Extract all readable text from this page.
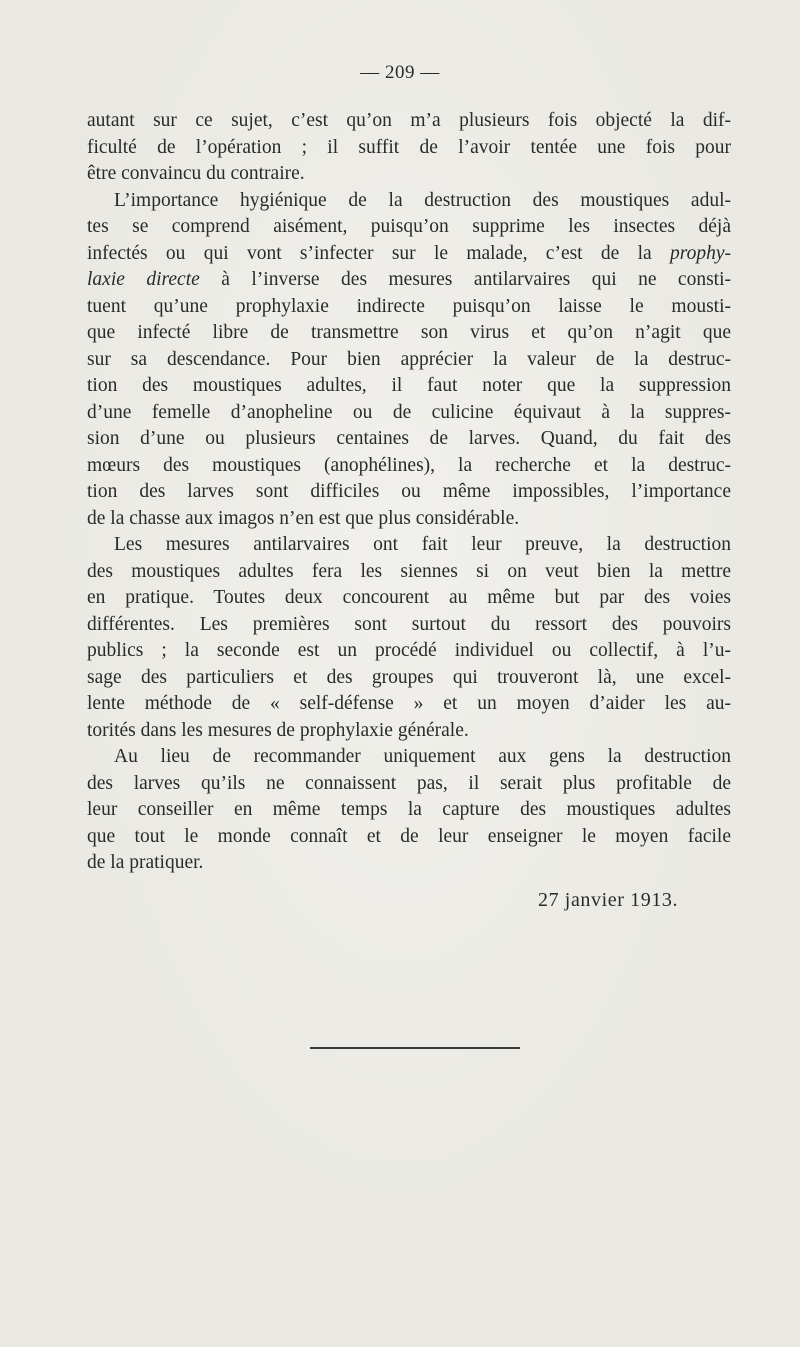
— 209 —
autant sur ce sujet, c’est qu’on m’a plusieurs fois objecté la dif-
ficulté de l’opération ; il suffit de l’avoir tentée une fois pour
être convaincu du contraire.
L’importance hygiénique de la destruction des moustiques adul-
tes se comprend aisément, puisqu’on supprime les insectes déjà
infectés ou qui vont s’infecter sur le malade, c’est de la prophy-
laxie directe à l’inverse des mesures antilarvaires qui ne consti-
tuent qu’une prophylaxie indirecte puisqu’on laisse le mousti-
que infecté libre de transmettre son virus et qu’on n’agit que
sur sa descendance. Pour bien apprécier la valeur de la destruc-
tion des moustiques adultes, il faut noter que la suppression
d’une femelle d’anopheline ou de culicine équivaut à la suppres-
sion d’une ou plusieurs centaines de larves. Quand, du fait des
mœurs des moustiques (anophélines), la recherche et la destruc-
tion des larves sont difficiles ou même impossibles, l’importance
de la chasse aux imagos n’en est que plus considérable.
Les mesures antilarvaires ont fait leur preuve, la destruction
des moustiques adultes fera les siennes si on veut bien la mettre
en pratique. Toutes deux concourent au même but par des voies
différentes. Les premières sont surtout du ressort des pouvoirs
publics ; la seconde est un procédé individuel ou collectif, à l’u-
sage des particuliers et des groupes qui trouveront là, une excel-
lente méthode de « self-défense » et un moyen d’aider les au-
torités dans les mesures de prophylaxie générale.
Au lieu de recommander uniquement aux gens la destruction
des larves qu’ils ne connaissent pas, il serait plus profitable de
leur conseiller en même temps la capture des moustiques adultes
que tout le monde connaît et de leur enseigner le moyen facile
de la pratiquer.
27 janvier 1913.
